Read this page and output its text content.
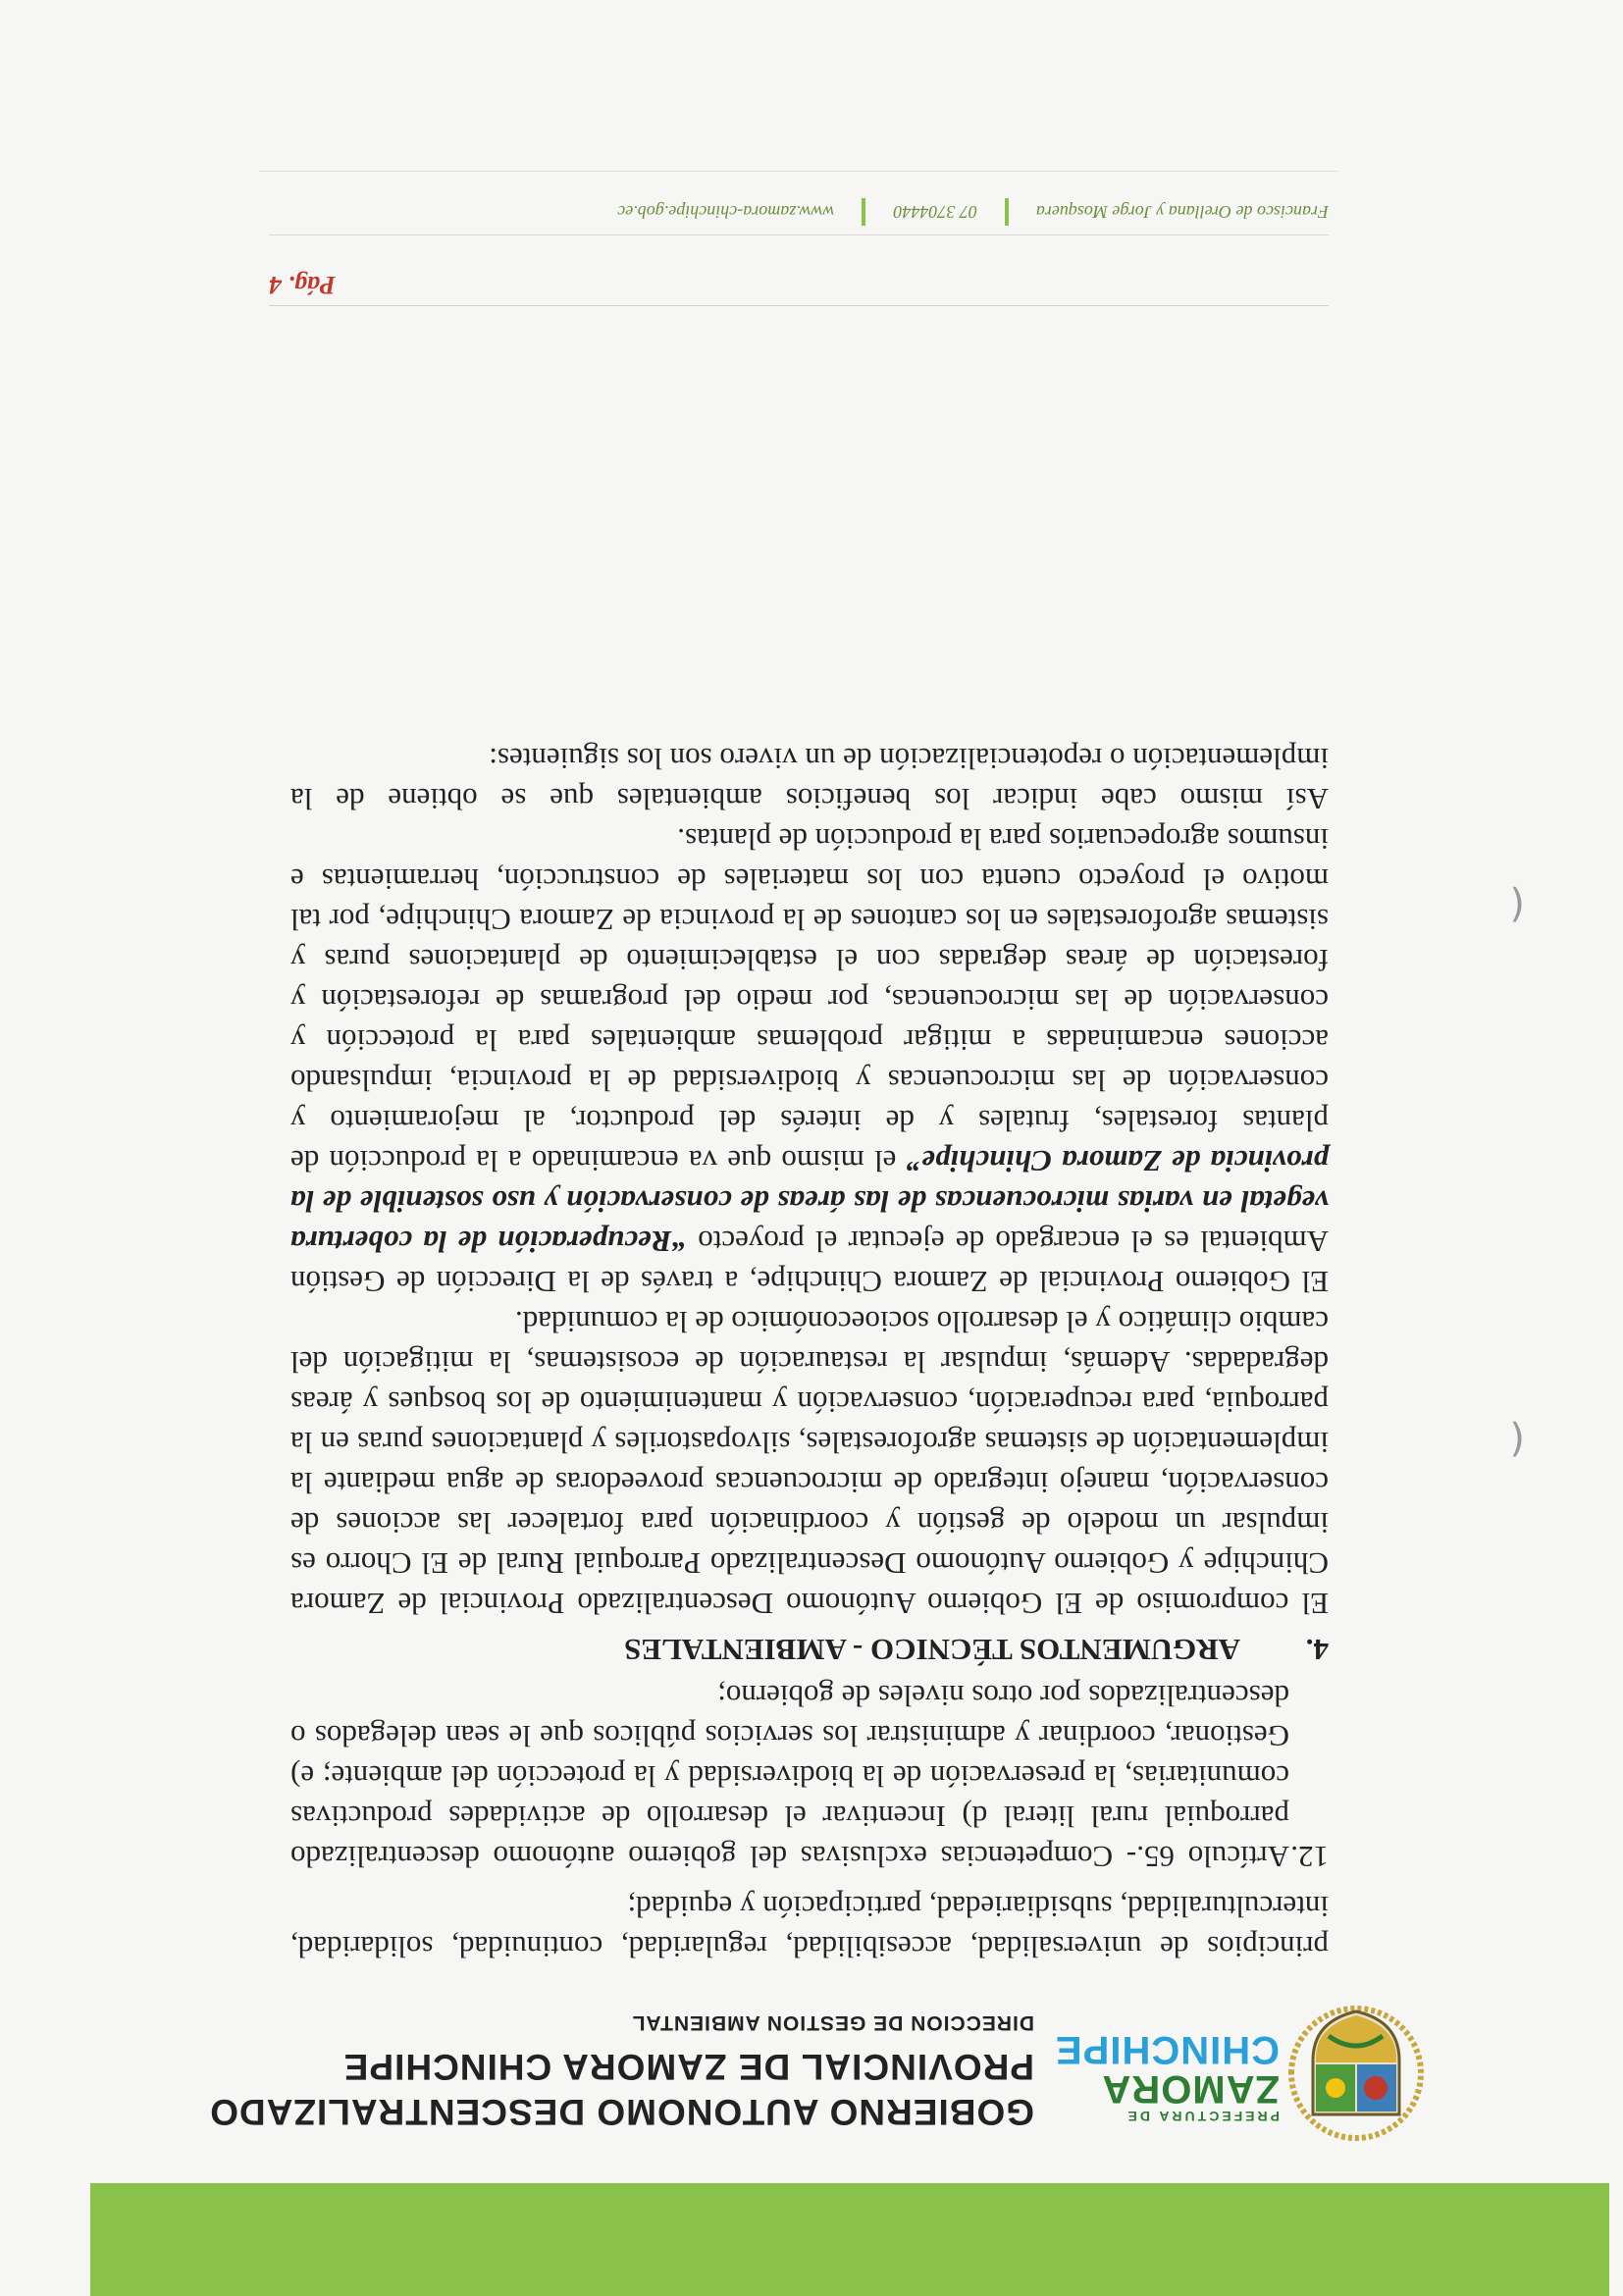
PREFECTURA DE
ZAMORA
CHINCHIPE
GOBIERNO AUTONOMO DESCENTRALIZADO
PROVINCIAL DE ZAMORA CHINCHIPE
DIRECCION DE GESTION AMBIENTAL

principios de universalidad, accesibilidad, regularidad, continuidad, solidaridad, interculturalidad, subsidiariedad, participación y equidad;

12.
Artículo 65.- Competencias exclusivas del gobierno autónomo descentralizado parroquial rural literal d) Incentivar el desarrollo de actividades productivas comunitarias, la preservación de la biodiversidad y la protección del ambiente; e) Gestionar, coordinar y administrar los servicios públicos que le sean delegados o descentralizados por otros niveles de gobierno;
4.ARGUMENTOS TÉCNICO - AMBIENTALES

El compromiso de El Gobierno Autónomo Descentralizado Provincial de Zamora Chinchipe y Gobierno Autónomo Descentralizado Parroquial Rural de El Chorro es impulsar un modelo de gestión y coordinación para fortalecer las acciones de conservación, manejo integrado de microcuencas proveedoras de agua mediante la implementación de sistemas agroforestales, silvopastoriles y plantaciones puras en la parroquia, para recuperación, conservación y mantenimiento de los bosques y áreas degradadas. Además, impulsar la restauración de ecosistemas, la mitigación del cambio climático y el desarrollo socioeconómico de la comunidad.

El Gobierno Provincial de Zamora Chinchipe, a través de la Dirección de Gestión Ambiental es el encargado de ejecutar el proyecto “Recuperación de la cobertura vegetal en varias microcuencas de las áreas de conservación y uso sostenible de la provincia de Zamora Chinchipe” el mismo que va encaminado a la producción de plantas forestales, frutales y de interés del productor, al mejoramiento y conservación de las microcuencas y biodiversidad de la provincia, impulsando acciones encaminadas a mitigar problemas ambientales para la protección y conservación de las microcuencas, por medio del programas de reforestación y forestación de áreas degradas con el establecimiento de plantaciones puras y sistemas agroforestales en los cantones de la provincia de Zamora Chinchipe, por tal motivo el proyecto cuenta con los materiales de construcción, herramientas e insumos agropecuarios para la producción de plantas.

Así mismo cabe indicar los beneficios ambientales que se obtiene de la implementación o repotencialización de un vivero son los siguientes:

Pág. 4
Francisco de Orellana y Jorge Mosquera
07 3704440
www.zamora-chinchipe.gob.ec
(
(
